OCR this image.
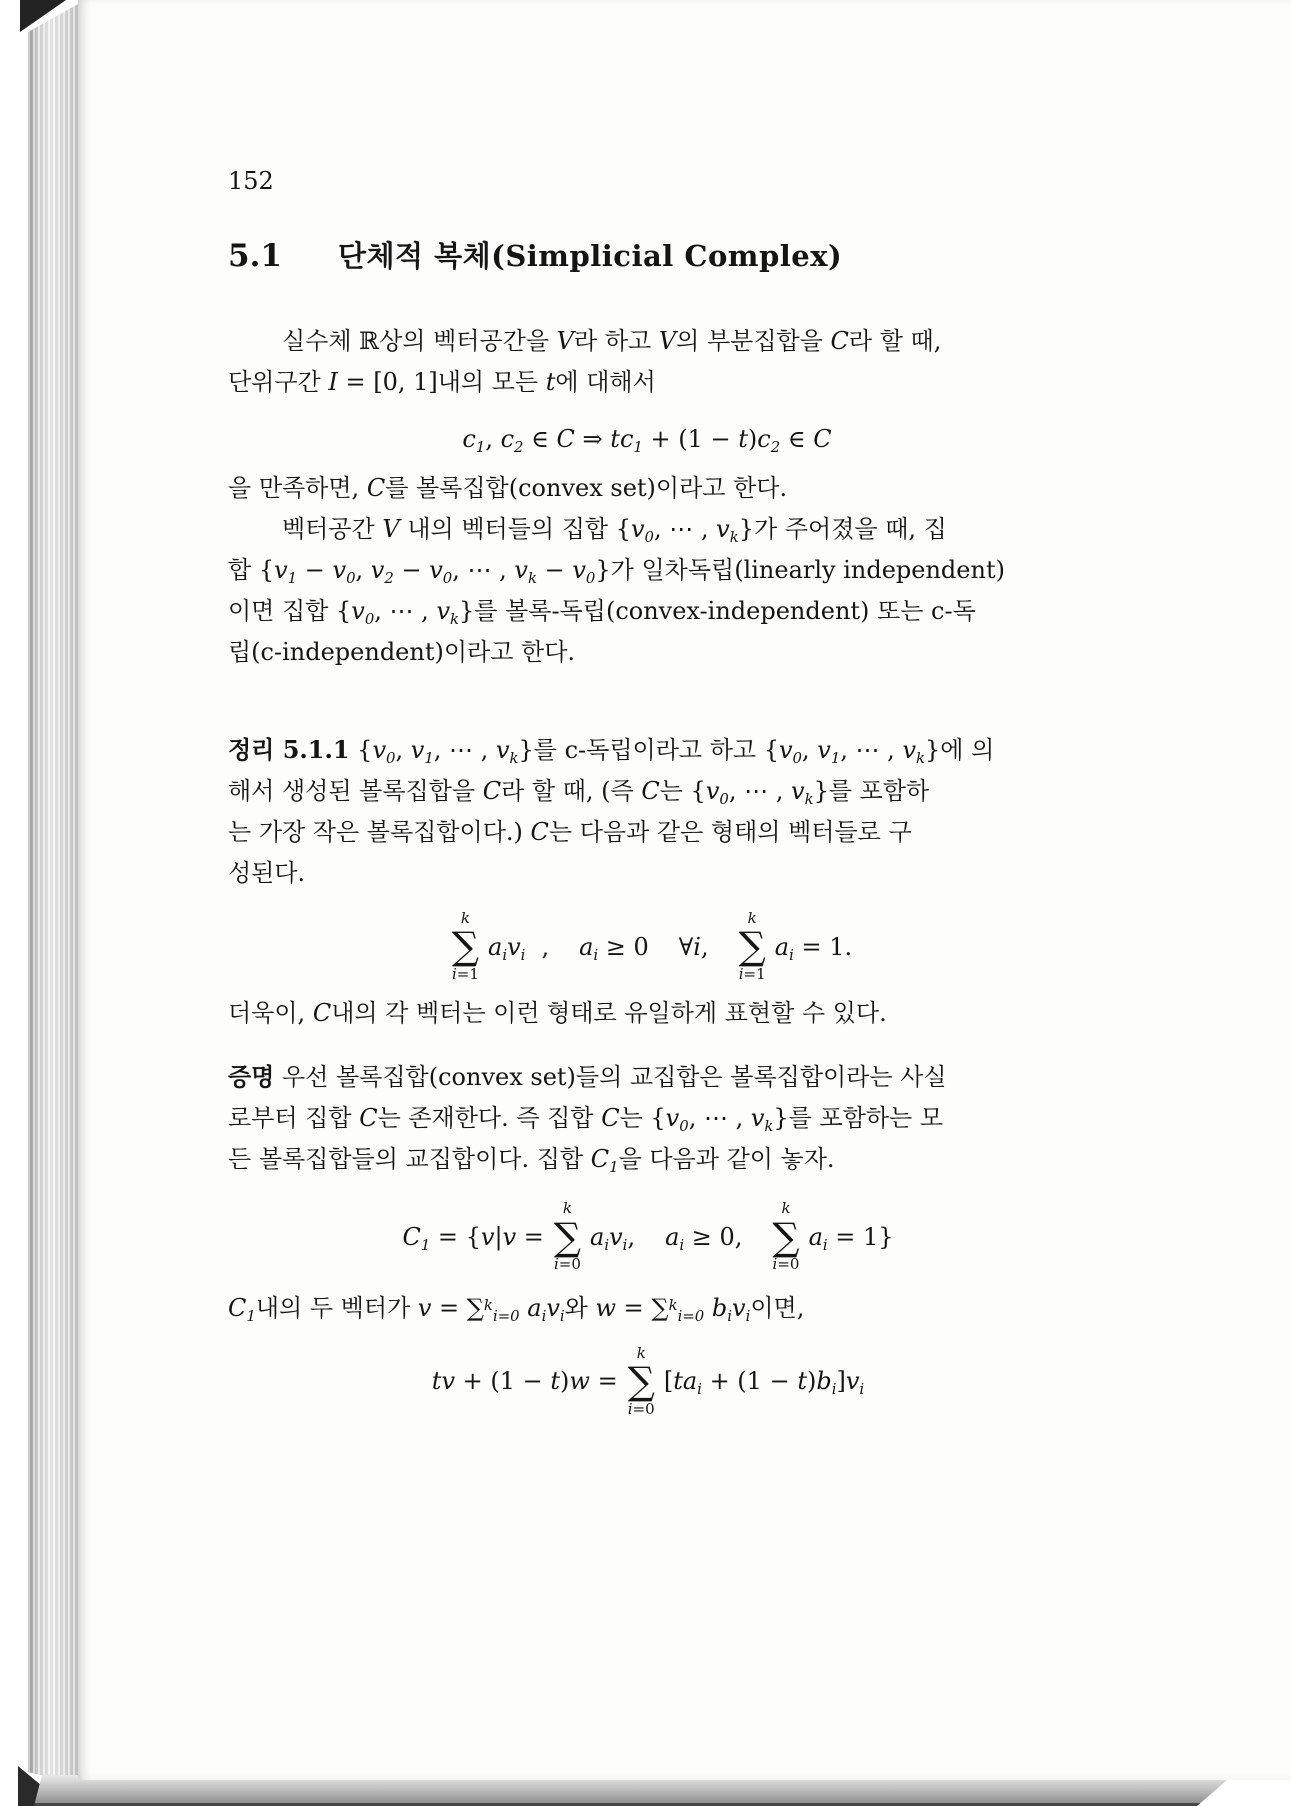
152
5.1 단체적 복체(Simplicial Complex)
실수체 ℝ상의 벡터공간을 V라 하고 V의 부분집합을 C라 할 때,
단위구간 I = [0, 1]내의 모든 t에 대해서
$c_1$, $c_2$ ∈ C ⇒ $tc_1 + (1 - t)c_2$ ∈ C
을 만족하면, C를 볼록집합(convex set)이라고 한다.
벡터공간 V 내의 벡터들의 집합 {$v_0$, ⋯ , $v_k$}가 주어졌을 때, 집
합 {$v_1 - v_0$, $v_2 - v_0$, ⋯ , $v_k - v_0$}가 일차독립(linearly independent)
이면 집합 {$v_0$, ⋯ , $v_k$}를 볼록-독립(convex-independent) 또는 c-독
립(c-independent)이라고 한다.
정리 5.1.1 {$v_0$, $v_1$, ⋯ , $v_k$}를 c-독립이라고 하고 {$v_0$, $v_1$, ⋯ , $v_k$}에 의
해서 생성된 볼록집합을 C라 할 때, (즉 C는 {$v_0$, ⋯ , $v_k$}를 포함하
는 가장 작은 볼록집합이다.) C는 다음과 같은 형태의 벡터들로 구
성된다.
k
∑
i=1
$a_iv_i$ , $a_i \ge 0$ ∀i,
k
∑
i=1
$a_i = 1$.
더욱이, C내의 각 벡터는 이런 형태로 유일하게 표현할 수 있다.
증명 우선 볼록집합(convex set)들의 교집합은 볼록집합이라는 사실
로부터 집합 C는 존재한다. 즉 집합 C는 {$v_0$, ⋯ , $v_k$}를 포함하는 모
든 볼록집합들의 교집합이다. 집합 $C_1$을 다음과 같이 놓자.
$C_1 = \{v|v$ =
k
∑
i=0
$a_iv_i$, $a_i \ge 0$,
k
∑
i=0
$a_i = 1$}
$C_1$내의 두 벡터가 v = ∑$^k_{i=0}$ $a_iv_i$와 w = ∑$^k_{i=0}$ $b_iv_i$이면,
tv + (1 − t)w =
k
∑
i=0
$[ta_i + (1 - t)b_i]v_i$
